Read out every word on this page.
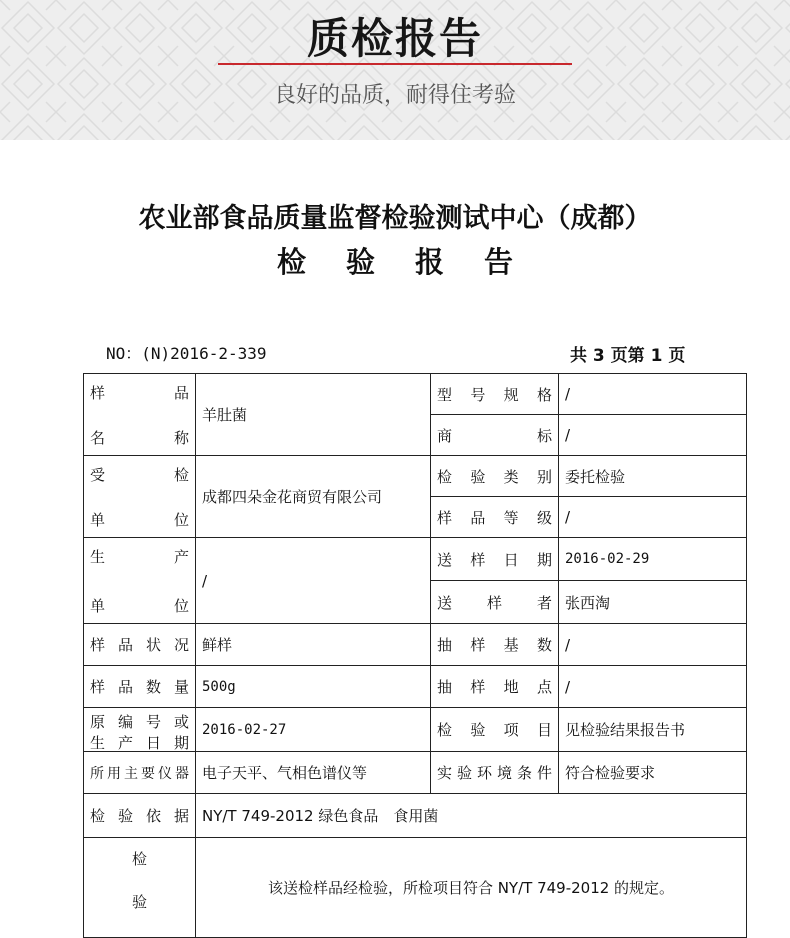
质检报告
良好的品质，耐得住考验
农业部食品质量监督检验测试中心（成都）
检验报告
NO：(N)2016-2-339	共 3 页第 1 页
样　　品
名　　称	羊肚菌	型号规格	/
		商　　标	/

受　　检
单　　位	成都四朵金花商贸有限公司	检验类别	委托检验
		样品等级	/

生　　产
单　　位	/	送样日期	2016-02-29
		送 样 者	张西淘
样品状况	鲜样	抽样基数	/
样品数量	500g	抽样地点	/

原编号或
生产日期	2016-02-27	检验项目	见检验结果报告书
所用主要仪器	电子天平、气相色谱仪等	实验环境条件	符合检验要求
检验依据	NY/T 749-2012 绿色食品　食用菌		

检
验	该送检样品经检验，所检项目符合 NY/T 749-2012 的规定。		
